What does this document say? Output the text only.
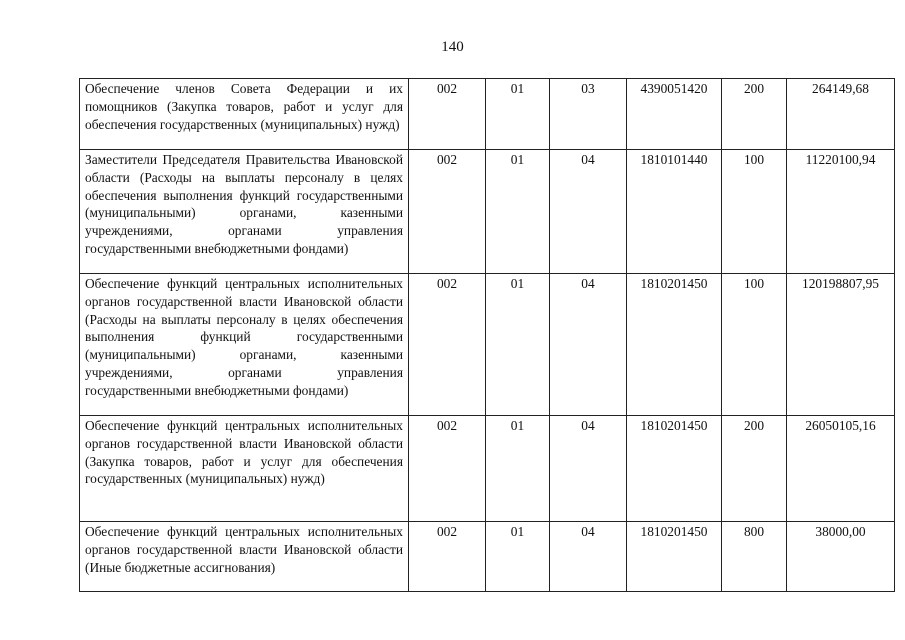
140
Обеспечение членов Совета Федерации и их помощников (Закупка товаров, работ и услуг для обеспечения государственных (муниципальных) нужд)	002	01	03	4390051420	200	264149,68
Заместители Председателя Правительства Ивановской области (Расходы на выплаты персоналу в целях обеспечения выполнения функций государственными (муниципальными) органами, казенными учреждениями, органами управления государственными внебюджетными фондами)	002	01	04	1810101440	100	11220100,94
Обеспечение функций центральных исполнительных органов государственной власти Ивановской области (Расходы на выплаты персоналу в целях обеспечения выполнения функций государственными (муниципальными) органами, казенными учреждениями, органами управления государственными внебюджетными фондами)	002	01	04	1810201450	100	120198807,95
Обеспечение функций центральных исполнительных органов государственной власти Ивановской области (Закупка товаров, работ и услуг для обеспечения государственных (муниципальных) нужд)	002	01	04	1810201450	200	26050105,16
Обеспечение функций центральных исполнительных органов государственной власти Ивановской области (Иные бюджетные ассигнования)	002	01	04	1810201450	800	38000,00
